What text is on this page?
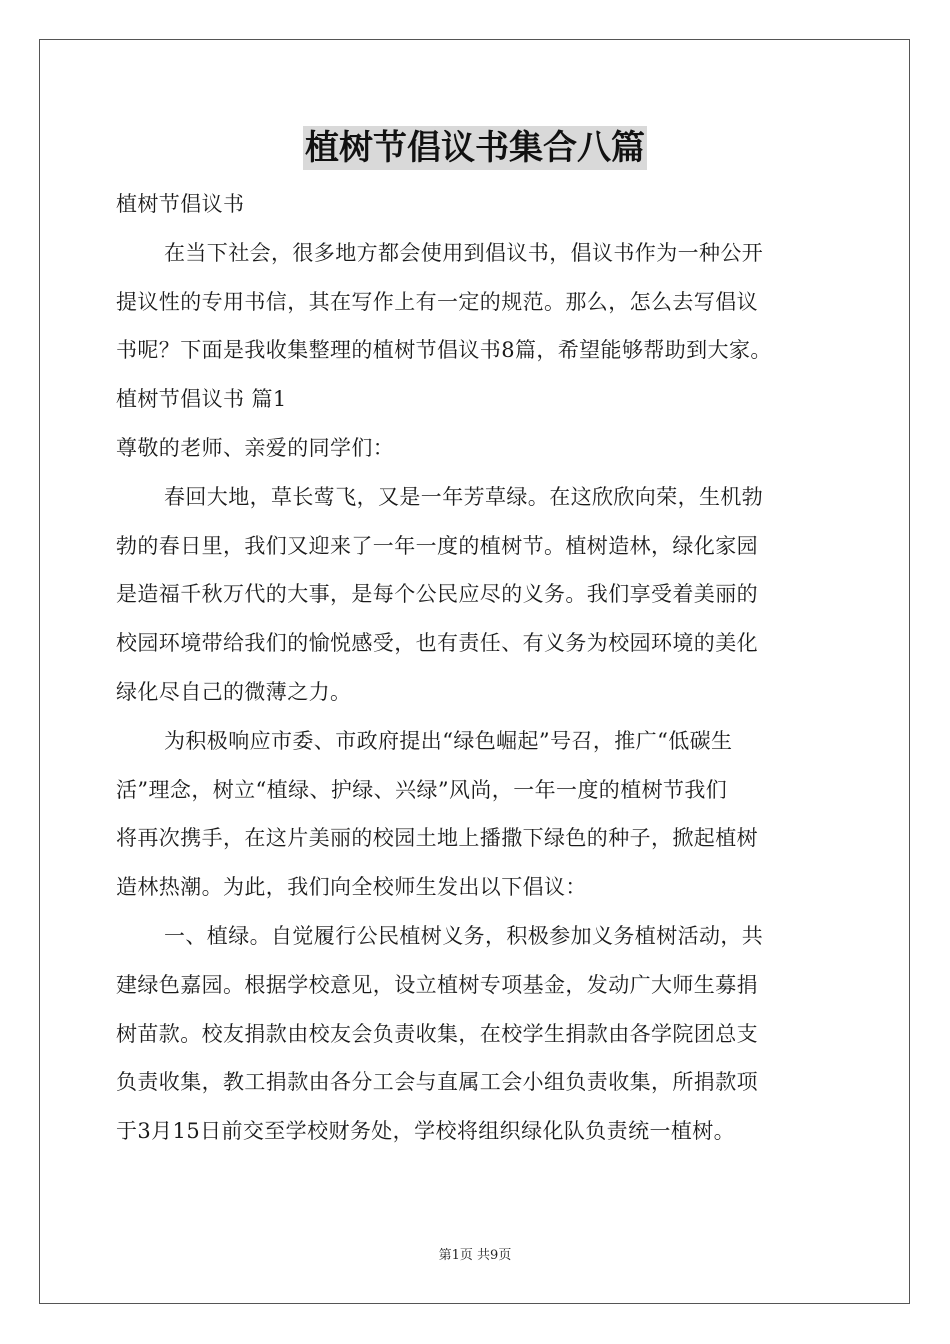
植树节倡议书集合八篇

植树节倡议书

在当下社会，很多地方都会使用到倡议书，倡议书作为一种公开

提议性的专用书信，其在写作上有一定的规范。那么，怎么去写倡议

书呢？下面是我收集整理的植树节倡议书8篇，希望能够帮助到大家。

植树节倡议书 篇1

尊敬的老师、亲爱的同学们：

春回大地，草长莺飞，又是一年芳草绿。在这欣欣向荣，生机勃

勃的春日里，我们又迎来了一年一度的植树节。植树造林，绿化家园

是造福千秋万代的大事，是每个公民应尽的义务。我们享受着美丽的

校园环境带给我们的愉悦感受，也有责任、有义务为校园环境的美化

绿化尽自己的微薄之力。

为积极响应市委、市政府提出“绿色崛起”号召，推广“低碳生

活”理念，树立“植绿、护绿、兴绿”风尚，一年一度的植树节我们

将再次携手，在这片美丽的校园土地上播撒下绿色的种子，掀起植树

造林热潮。为此，我们向全校师生发出以下倡议：

一、植绿。自觉履行公民植树义务，积极参加义务植树活动，共

建绿色嘉园。根据学校意见，设立植树专项基金，发动广大师生募捐

树苗款。校友捐款由校友会负责收集，在校学生捐款由各学院团总支

负责收集，教工捐款由各分工会与直属工会小组负责收集，所捐款项

于3月15日前交至学校财务处，学校将组织绿化队负责统一植树。

第1页 共9页
